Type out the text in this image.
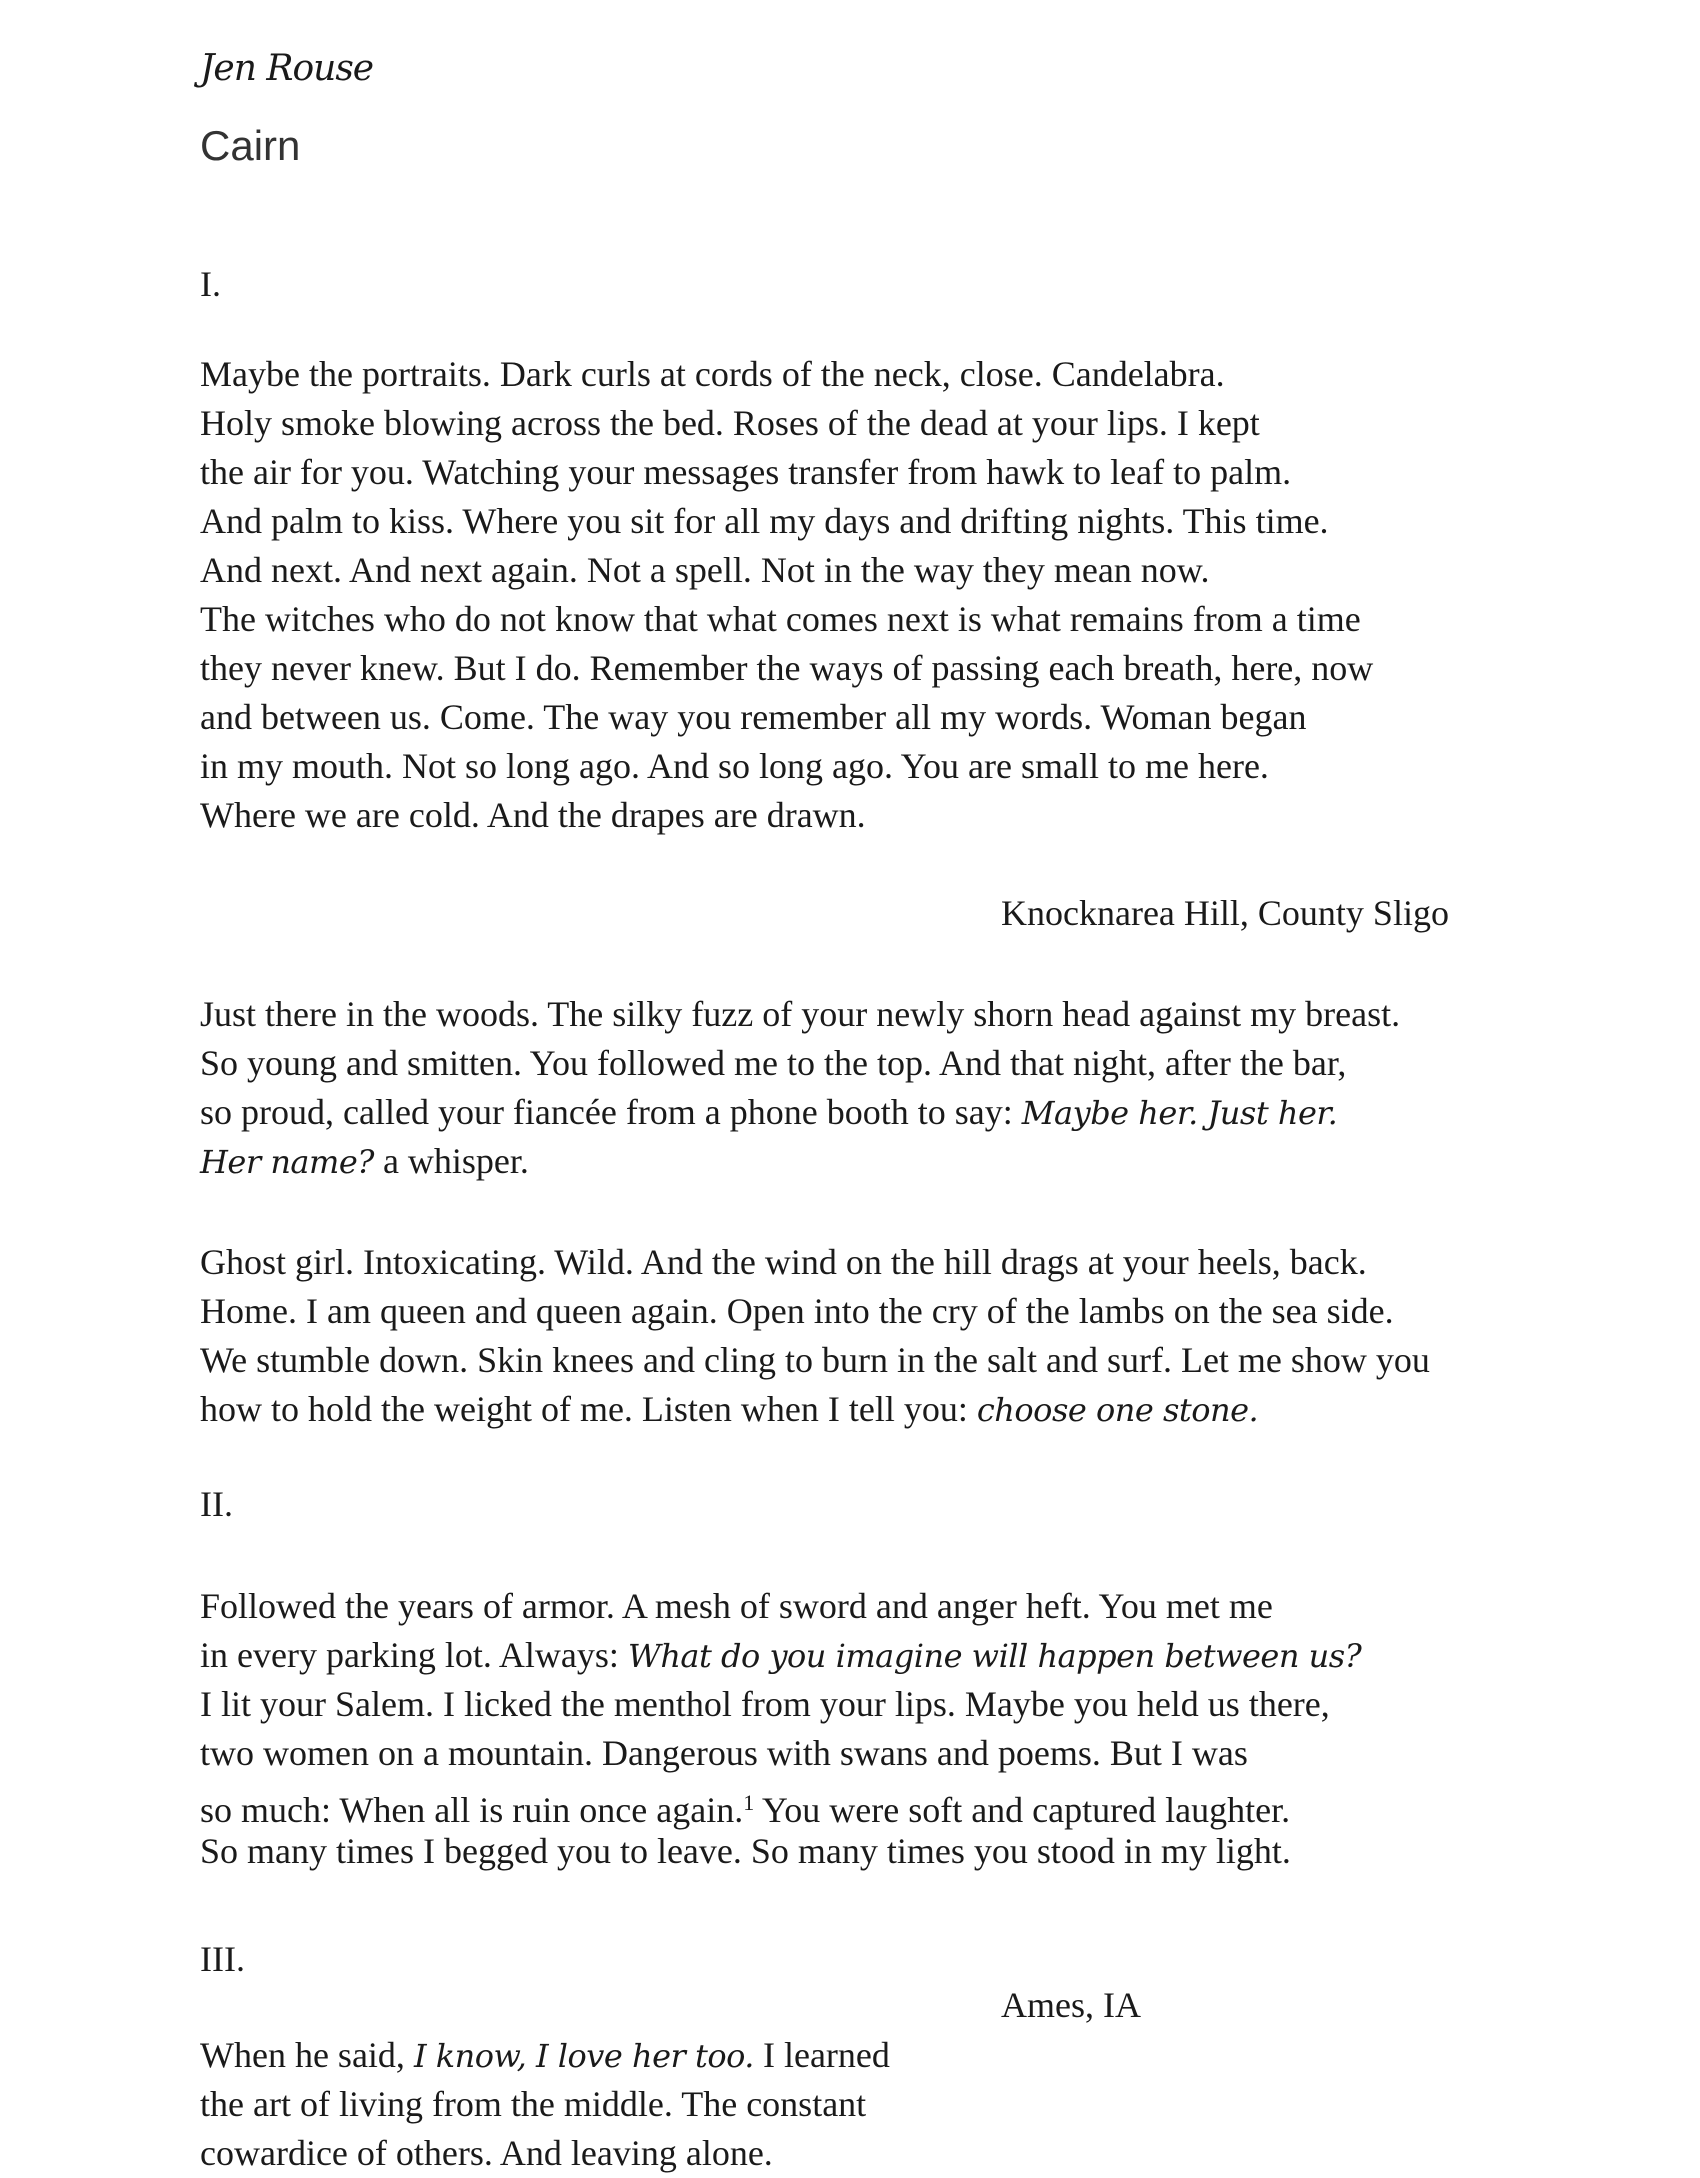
Jen Rouse
Cairn
I.
Maybe the portraits. Dark curls at cords of the neck, close. Candelabra.
Holy smoke blowing across the bed. Roses of the dead at your lips. I kept
the air for you. Watching your messages transfer from hawk to leaf to palm.
And palm to kiss. Where you sit for all my days and drifting nights. This time.
And next. And next again. Not a spell. Not in the way they mean now.
The witches who do not know that what comes next is what remains from a time
they never knew. But I do. Remember the ways of passing each breath, here, now
and between us. Come. The way you remember all my words. Woman began
in my mouth. Not so long ago. And so long ago. You are small to me here.
Where we are cold. And the drapes are drawn.
Knocknarea Hill, County Sligo
Just there in the woods. The silky fuzz of your newly shorn head against my breast.
So young and smitten. You followed me to the top. And that night, after the bar,
so proud, called your fiancée from a phone booth to say: Maybe her. Just her.
Her name? a whisper.
Ghost girl. Intoxicating. Wild. And the wind on the hill drags at your heels, back.
Home. I am queen and queen again. Open into the cry of the lambs on the sea side.
We stumble down. Skin knees and cling to burn in the salt and surf. Let me show you
how to hold the weight of me. Listen when I tell you: choose one stone.
II.
Followed the years of armor. A mesh of sword and anger heft. You met me
in every parking lot. Always: What do you imagine will happen between us?
I lit your Salem. I licked the menthol from your lips. Maybe you held us there,
two women on a mountain. Dangerous with swans and poems. But I was
so much: When all is ruin once again.$^1$ You were soft and captured laughter.
So many times I begged you to leave. So many times you stood in my light.
III.
Ames, IA
When he said, I know, I love her too. I learned
the art of living from the middle. The constant
cowardice of others. And leaving alone.
